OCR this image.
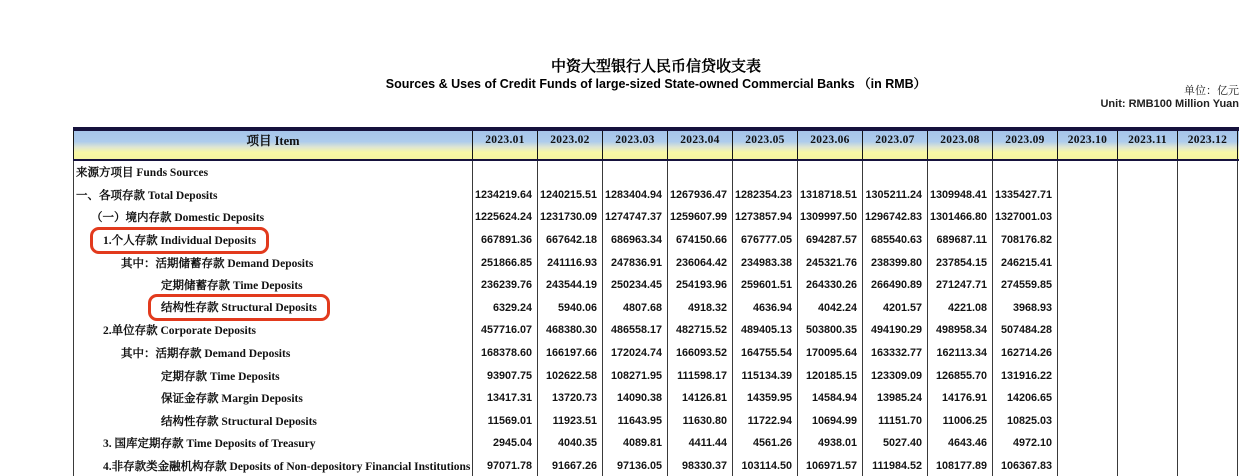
中资大型银行人民币信贷收支表
Sources & Uses of Credit Funds of large-sized State-owned Commercial Banks （in RMB）	单位：亿元
Unit: RMB100 Million Yuan
项目 Item	2023.01	2023.02	2023.03	2023.04	2023.05	2023.06	2023.07	2023.08	2023.09	2023.10	2023.11	2023.12
来源方项目 Funds Sources
一、各项存款 Total Deposits	1234219.64 1240215.51 1283404.94 1267936.47 1282354.23 1318718.51 1305211.24 1309948.41 1335427.71
（一）境内存款 Domestic Deposits	1225624.24 1231730.09 1274747.37 1259607.99 1273857.94 1309997.50 1296742.83 1301466.80 1327001.03
1.个人存款 Individual Deposits	667891.36	667642.18	686963.34	674150.66	676777.05	694287.57	685540.63	689687.11	708176.82
其中：活期储蓄存款 Demand Deposits	251866.85	241116.93	247836.91	236064.42	234983.38	245321.76	238399.80	237854.15	246215.41
定期储蓄存款 Time Deposits	236239.76	243544.19	250234.45	254193.96	259601.51	264330.26	266490.89	271247.71	274559.85
结构性存款 Structural Deposits	6329.24	5940.06	4807.68	4918.32	4636.94	4042.24	4201.57	4221.08	3968.93
2.单位存款 Corporate Deposits	457716.07	468380.30	486558.17	482715.52	489405.13	503800.35	494190.29	498958.34	507484.28
其中：活期存款 Demand Deposits	168378.60	166197.66	172024.74	166093.52	164755.54	170095.64	163332.77	162113.34	162714.26
定期存款 Time Deposits	93907.75	102622.58	108271.95	111598.17	115134.39	120185.15	123309.09	126855.70	131916.22
保证金存款 Margin Deposits	13417.31	13720.73	14090.38	14126.81	14359.95	14584.94	13985.24	14176.91	14206.65
结构性存款 Structural Deposits	11569.01	11923.51	11643.95	11630.80	11722.94	10694.99	11151.70	11006.25	10825.03
3. 国库定期存款 Time Deposits of Treasury	2945.04	4040.35	4089.81	4411.44	4561.26	4938.01	5027.40	4643.46	4972.10
4.非存款类金融机构存款 Deposits of Non-depository Financial Institutions	97071.78	91667.26	97136.05	98330.37	103114.50	106971.57	111984.52	108177.89	106367.83
